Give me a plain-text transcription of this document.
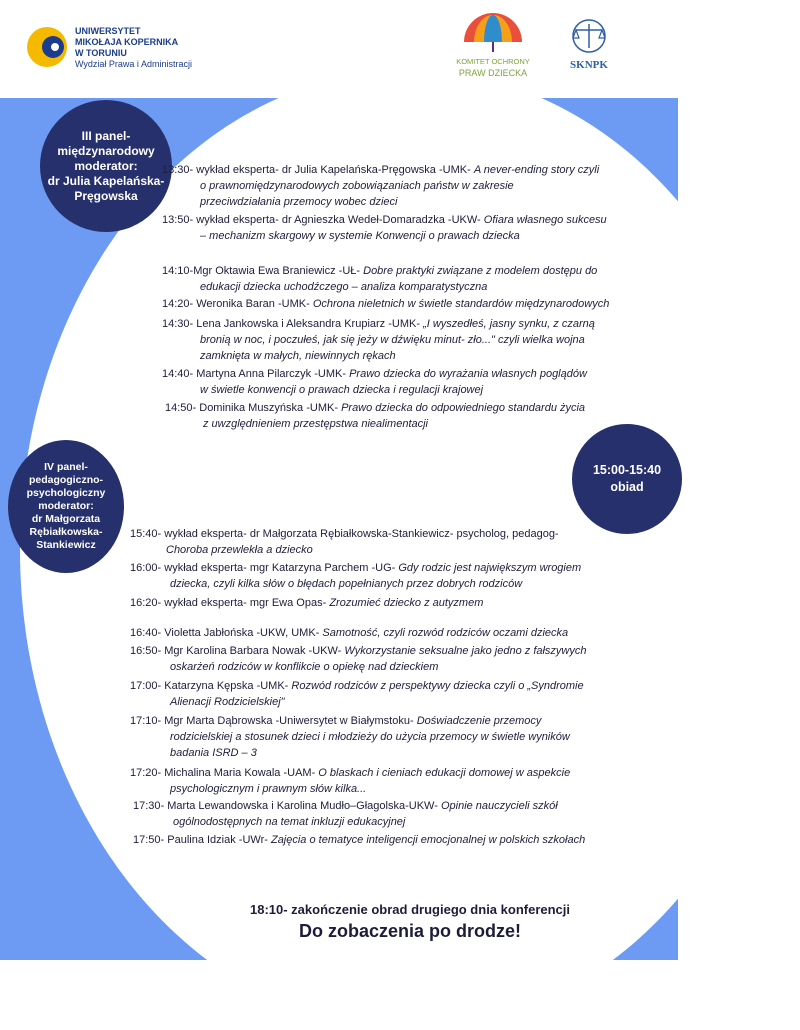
UNIWERSYTET
MIKOŁAJA KOPERNIKA
W TORUNIU
Wydział Prawa i Administracji	KOMITET OCHRONY
PRAW DZIECKA
SKNPK
III panel-
międzynarodowy
moderator:
dr Julia Kapelańska-
Pręgowska
IV panel-
pedagogiczno-
psychologiczny
moderator:
dr Małgorzata
Rębiałkowska-
Stankiewicz
15:00-15:40
obiad
13:30- wykład eksperta- dr Julia Kapelańska-Pręgowska -UMK- A never-ending story czyli
o prawnomiędzynarodowych zobowiązaniach państw w zakresie
przeciwdziałania przemocy wobec dzieci
13:50- wykład eksperta- dr Agnieszka Wedeł-Domaradzka -UKW- Ofiara własnego sukcesu
– mechanizm skargowy w systemie Konwencji o prawach dziecka
14:10-Mgr Oktawia Ewa Braniewicz -UŁ- Dobre praktyki związane z modelem dostępu do
edukacji dziecka uchodźczego – analiza komparatystyczna
14:20- Weronika Baran -UMK- Ochrona nieletnich w świetle standardów międzynarodowych
14:30- Lena Jankowska i Aleksandra Krupiarz -UMK- „I wyszedłeś, jasny synku, z czarną
bronią w noc, i poczułeś, jak się jeży w dźwięku minut- zło..." czyli wielka wojna
zamknięta w małych, niewinnych rękach
14:40- Martyna Anna Pilarczyk -UMK- Prawo dziecka do wyrażania własnych poglądów
w świetle konwencji o prawach dziecka i regulacji krajowej
14:50- Dominika Muszyńska -UMK- Prawo dziecka do odpowiedniego standardu życia
z uwzględnieniem przestępstwa niealimentacji
15:40- wykład eksperta- dr Małgorzata Rębiałkowska-Stankiewicz- psycholog, pedagog-
Choroba przewlekła a dziecko
16:00- wykład eksperta- mgr Katarzyna Parchem -UG- Gdy rodzic jest największym wrogiem
dziecka, czyli kilka słów o błędach popełnianych przez dobrych rodziców
16:20- wykład eksperta- mgr Ewa Opas- Zrozumieć dziecko z autyzmem
16:40- Violetta Jabłońska -UKW, UMK- Samotność, czyli rozwód rodziców oczami dziecka
16:50- Mgr Karolina Barbara Nowak -UKW- Wykorzystanie seksualne jako jedno z fałszywych
oskarżeń rodziców w konflikcie o opiekę nad dzieckiem
17:00- Katarzyna Kępska -UMK- Rozwód rodziców z perspektywy dziecka czyli o „Syndromie
Alienacji Rodzicielskiej"
17:10- Mgr Marta Dąbrowska -Uniwersytet w Białymstoku- Doświadczenie przemocy
rodzicielskiej a stosunek dzieci i młodzieży do użycia przemocy w świetle wyników
badania ISRD – 3
17:20- Michalina Maria Kowala -UAM- O blaskach i cieniach edukacji domowej w aspekcie
psychologicznym i prawnym słów kilka...
17:30- Marta Lewandowska i Karolina Mudło–Głagolska-UKW- Opinie nauczycieli szkół
ogólnodostępnych na temat inkluzji edukacyjnej
17:50- Paulina Idziak -UWr- Zajęcia o tematyce inteligencji emocjonalnej w polskich szkołach
18:10- zakończenie obrad drugiego dnia konferencji
Do zobaczenia po drodze!
